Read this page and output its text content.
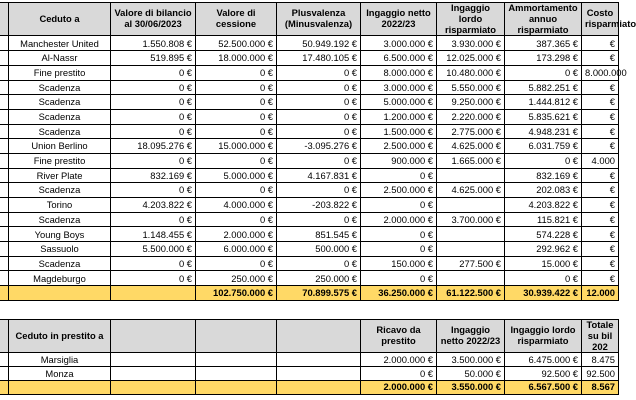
	Ceduto a	Valore di bilancio al 30/06/2023	Valore di cessione	Plusvalenza (Minusvalenza)	Ingaggio netto 2022/23	Ingaggio lordo risparmiato	Ammortamento annuo risparmiato	Costo risparmiato
	Manchester United	1.550.808 €	52.500.000 €	50.949.192 €	3.000.000 €	3.930.000 €	387.365 €	€
	Al-Nassr	519.895 €	18.000.000 €	17.480.105 €	6.500.000 €	12.025.000 €	173.298 €	€
	Fine prestito	0 €	0 €	0 €	8.000.000 €	10.480.000 €	0 €	8.000.000
	Scadenza	0 €	0 €	0 €	3.000.000 €	5.550.000 €	5.882.251 €	€
	Scadenza	0 €	0 €	0 €	5.000.000 €	9.250.000 €	1.444.812 €	€
	Scadenza	0 €	0 €	0 €	1.200.000 €	2.220.000 €	5.835.621 €	€
	Scadenza	0 €	0 €	0 €	1.500.000 €	2.775.000 €	4.948.231 €	€
	Union Berlino	18.095.276 €	15.000.000 €	-3.095.276 €	2.500.000 €	4.625.000 €	6.031.759 €	€
	Fine prestito	0 €	0 €	0 €	900.000 €	1.665.000 €	0 €	4.000
	River Plate	832.169 €	5.000.000 €	4.167.831 €	0 €		832.169 €	€
	Scadenza	0 €	0 €	0 €	2.500.000 €	4.625.000 €	202.083 €	€
	Torino	4.203.822 €	4.000.000 €	-203.822 €	0 €		4.203.822 €	€
	Scadenza	0 €	0 €	0 €	2.000.000 €	3.700.000 €	115.821 €	€
	Young Boys	1.148.455 €	2.000.000 €	851.545 €	0 €		574.228 €	€
	Sassuolo	5.500.000 €	6.000.000 €	500.000 €	0 €		292.962 €	€
	Scadenza	0 €	0 €	0 €	150.000 €	277.500 €	15.000 €	€
	Magdeburgo	0 €	250.000 €	250.000 €	0 €		0 €	€
			102.750.000 €	70.899.575 €	36.250.000 €	61.122.500 €	30.939.422 €	12.000
	Ceduto in prestito a				Ricavo da prestito	Ingaggio netto 2022/23	Ingaggio lordo risparmiato	Totale su bil 202
	Marsiglia				2.000.000 €	3.500.000 €	6.475.000 €	8.475
	Monza				0 €	50.000 €	92.500 €	92.500
					2.000.000 €	3.550.000 €	6.567.500 €	8.567
